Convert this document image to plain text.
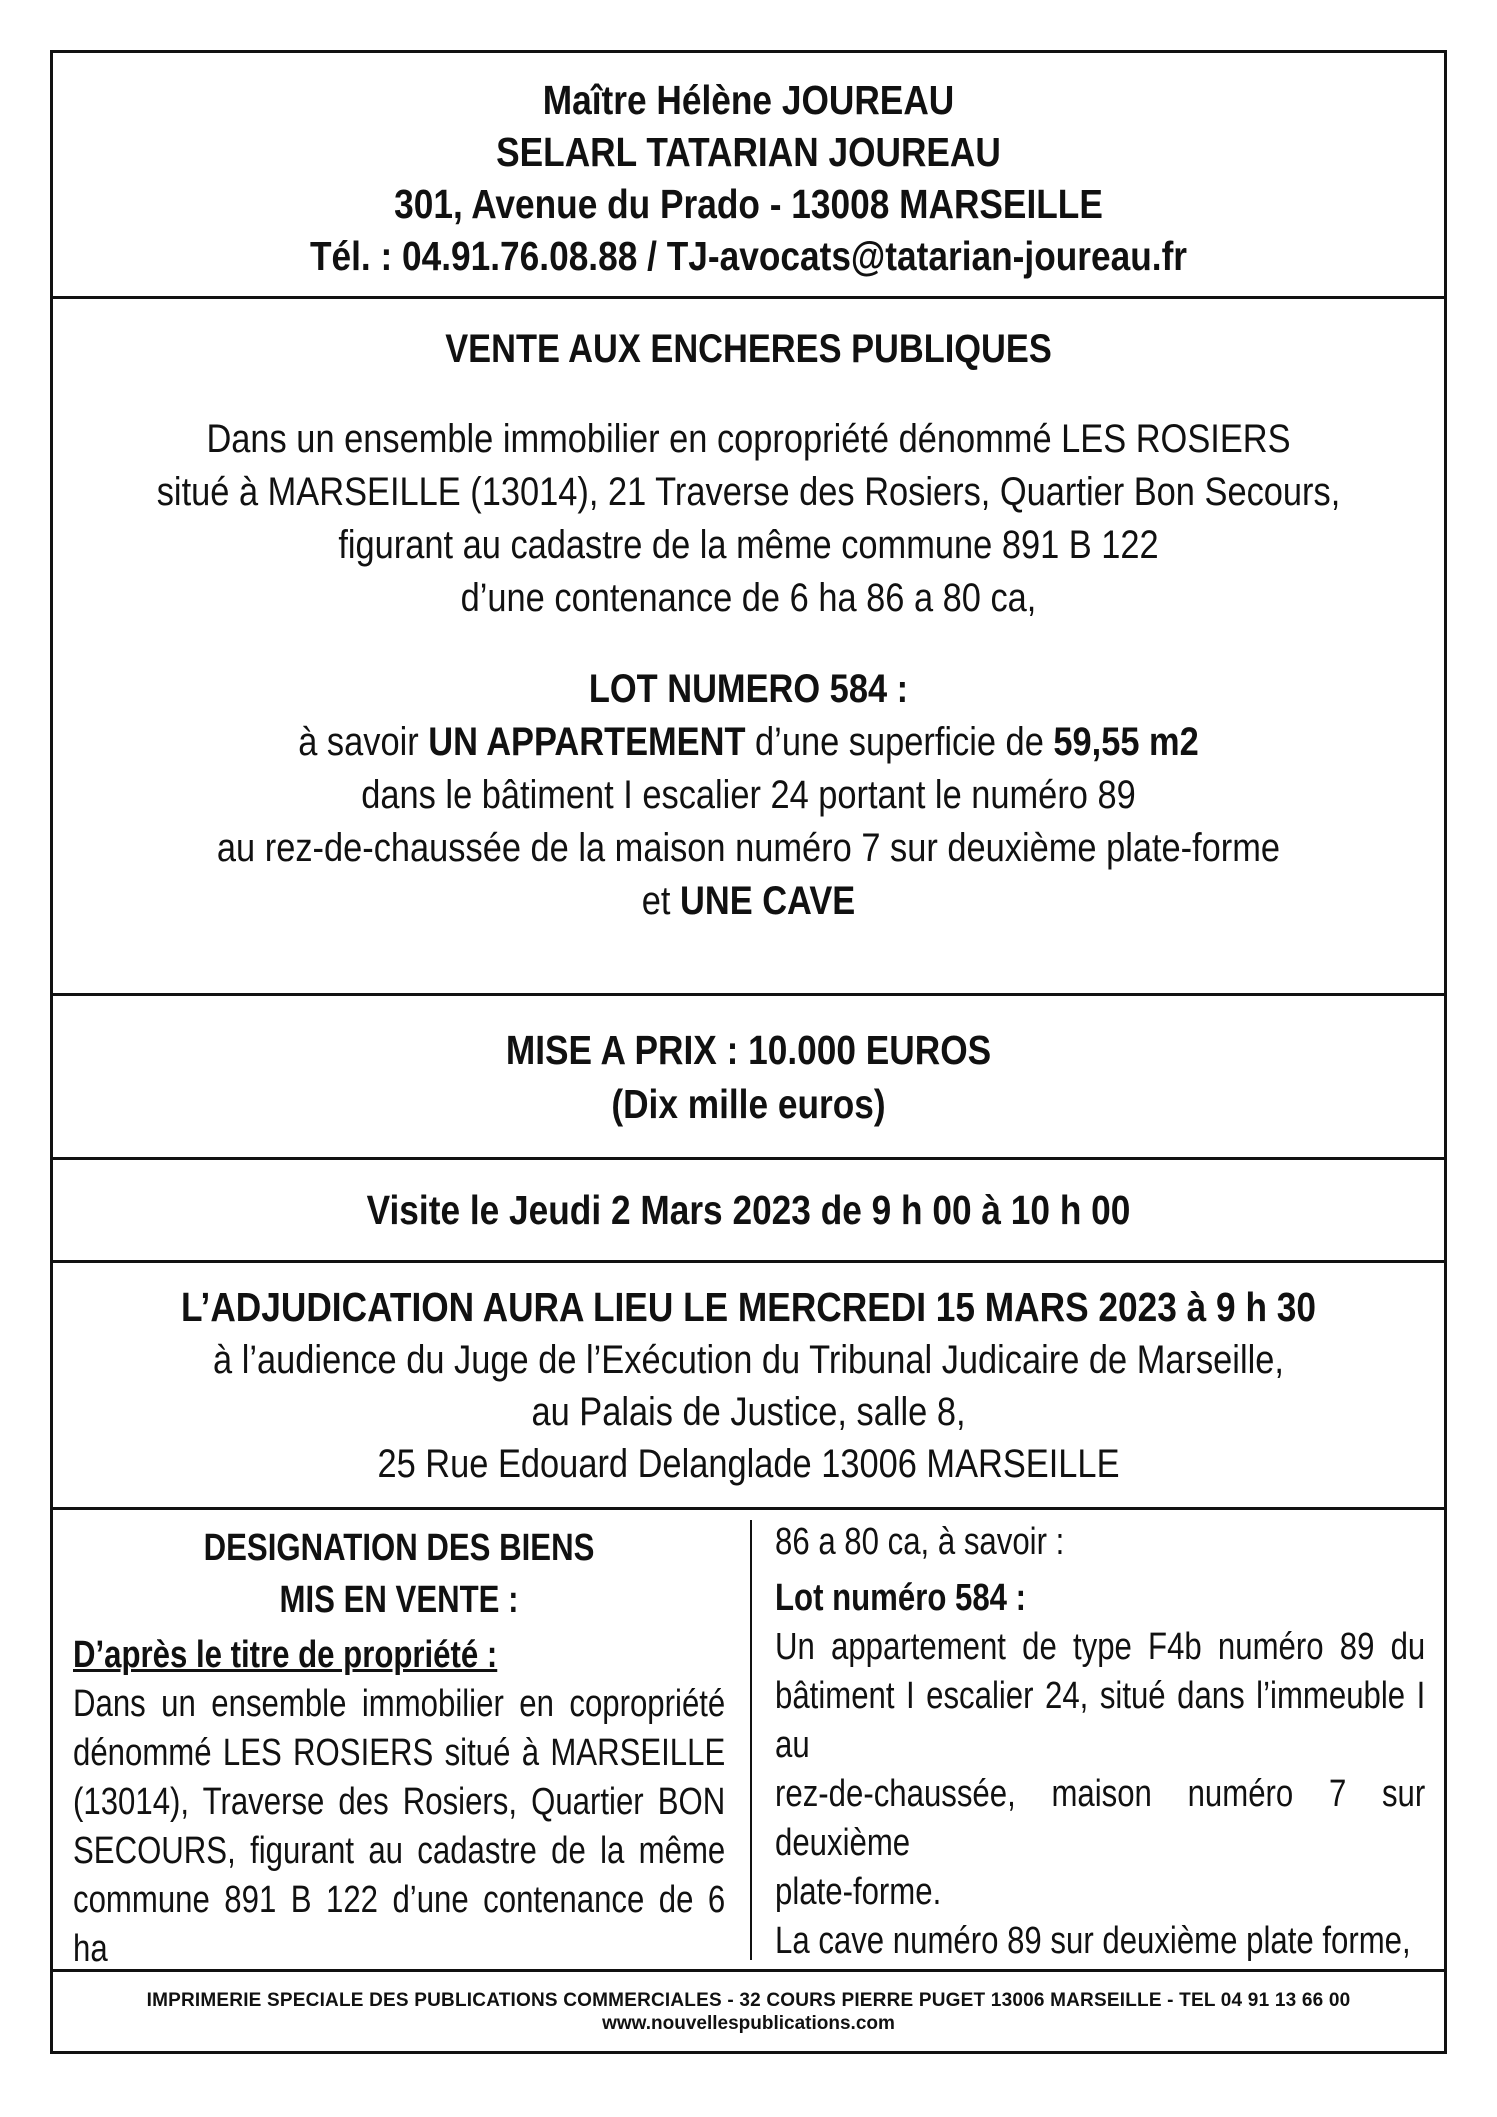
Maître Hélène JOUREAU
SELARL TATARIAN JOUREAU
301, Avenue du Prado - 13008 MARSEILLE
Tél. : 04.91.76.08.88 / TJ-avocats@tatarian-joureau.fr
VENTE AUX ENCHERES PUBLIQUES
Dans un ensemble immobilier en copropriété dénommé LES ROSIERS
situé à MARSEILLE (13014), 21 Traverse des Rosiers, Quartier Bon Secours,
figurant au cadastre de la même commune 891 B 122
d’une contenance de 6 ha 86 a 80 ca,
LOT NUMERO 584 :
à savoir UN APPARTEMENT d’une superficie de 59,55 m2
dans le bâtiment I escalier 24 portant le numéro 89
au rez-de-chaussée de la maison numéro 7 sur deuxième plate-forme
et UNE CAVE
MISE A PRIX : 10.000 EUROS
(Dix mille euros)
Visite le Jeudi 2 Mars 2023 de 9 h 00 à 10 h 00
L’ADJUDICATION AURA LIEU LE MERCREDI 15 MARS 2023 à 9 h 30
à l’audience du Juge de l’Exécution du Tribunal Judicaire de Marseille,
au Palais de Justice, salle 8,
25 Rue Edouard Delanglade 13006 MARSEILLE
DESIGNATION DES BIENS
MIS EN VENTE :
D’après le titre de propriété :
Dans un ensemble immobilier en copropriété
dénommé LES ROSIERS situé à MARSEILLE
(13014), Traverse des Rosiers, Quartier BON
SECOURS, figurant au cadastre de la même
commune 891 B 122 d’une contenance de 6 ha
86 a 80 ca, à savoir :
Lot numéro 584 :
Un appartement de type F4b numéro 89 du
bâtiment I escalier 24, situé dans l’immeuble I au
rez-de-chaussée, maison numéro 7 sur deuxième
plate-forme.
La cave numéro 89 sur deuxième plate forme,
IMPRIMERIE SPECIALE DES PUBLICATIONS COMMERCIALES - 32 COURS PIERRE PUGET 13006 MARSEILLE - TEL 04 91 13 66 00
www.nouvellespublications.com
